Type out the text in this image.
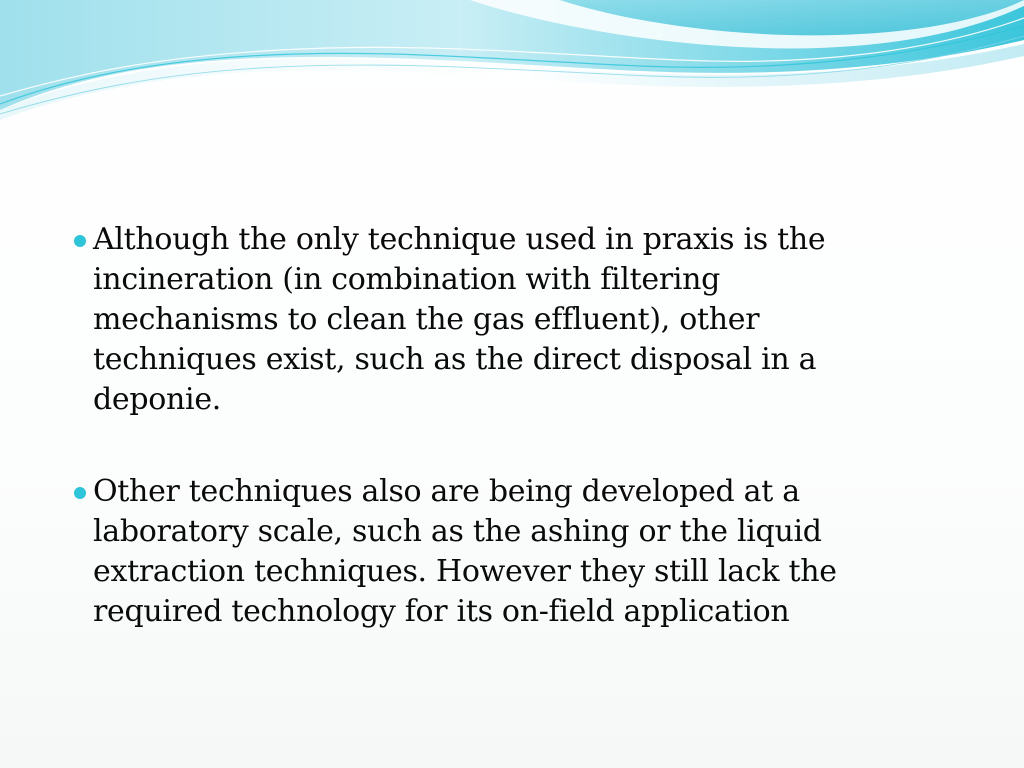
Although the only technique used in praxis is the incineration (in combination with filtering mechanisms to clean the gas effluent), other techniques exist, such as the direct disposal in a deponie.
Other techniques also are being developed at a laboratory scale, such as the ashing or the liquid extraction techniques. However they still lack the required technology for its on-field application
